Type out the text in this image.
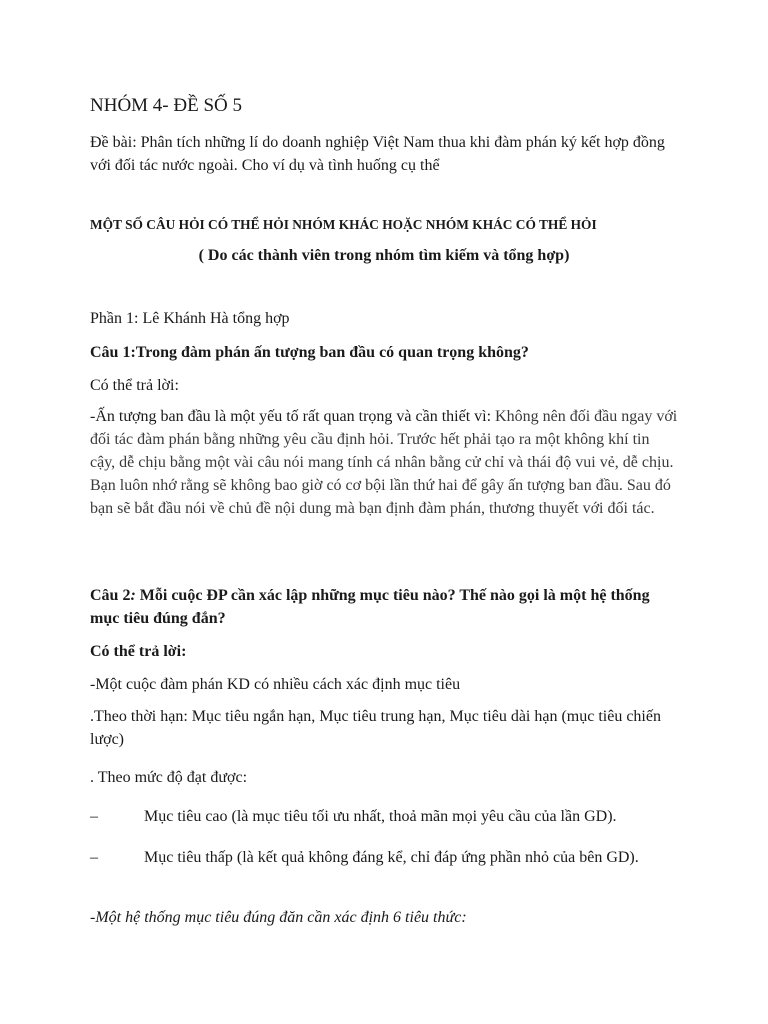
NHÓM 4- ĐỀ SỐ 5

Đề bài: Phân tích những lí do doanh nghiệp Việt Nam thua khi đàm phán ký kết hợp đồng với đối tác nước ngoài. Cho ví dụ và tình huống cụ thể

MỘT SỐ CÂU HỎI CÓ THỂ HỎI NHÓM KHÁC HOẶC NHÓM KHÁC CÓ THỂ HỎI

( Do các thành viên trong nhóm tìm kiếm và tổng hợp)

Phần 1: Lê Khánh Hà tổng hợp

Câu 1:Trong đàm phán ấn tượng ban đầu có quan trọng không?

Có thể trả lời:

-Ấn tượng ban đầu là một yếu tố rất quan trọng và cần thiết vì: Không nên đối đầu ngay với đối tác đàm phán bằng những yêu cầu định hỏi. Trước hết phải tạo ra một không khí tin cậy, dễ chịu bằng một vài câu nói mang tính cá nhân bằng cử chỉ và thái độ vui vẻ, dễ chịu. Bạn luôn nhớ rằng sẽ không bao giờ có cơ bội lần thứ hai để gây ấn tượng ban đầu. Sau đó bạn sẽ bắt đầu nói về chủ đề nội dung mà bạn định đàm phán, thương thuyết với đối tác.

Câu 2: Mỗi cuộc ĐP cần xác lập những mục tiêu nào? Thế nào gọi là một hệ thống mục tiêu đúng đắn?

Có thể trả lời:

-Một cuộc đàm phán KD có nhiều cách xác định mục tiêu

.Theo thời hạn: Mục tiêu ngắn hạn, Mục tiêu trung hạn, Mục tiêu dài hạn (mục tiêu chiến lược)

. Theo mức độ đạt được:

–	Mục tiêu cao (là mục tiêu tối ưu nhất, thoả mãn mọi yêu cầu của lần GD).

–	Mục tiêu thấp (là kết quả không đáng kể, chỉ đáp ứng phần nhỏ của bên GD).

-Một hệ thống mục tiêu đúng đăn cần xác định 6 tiêu thức:
